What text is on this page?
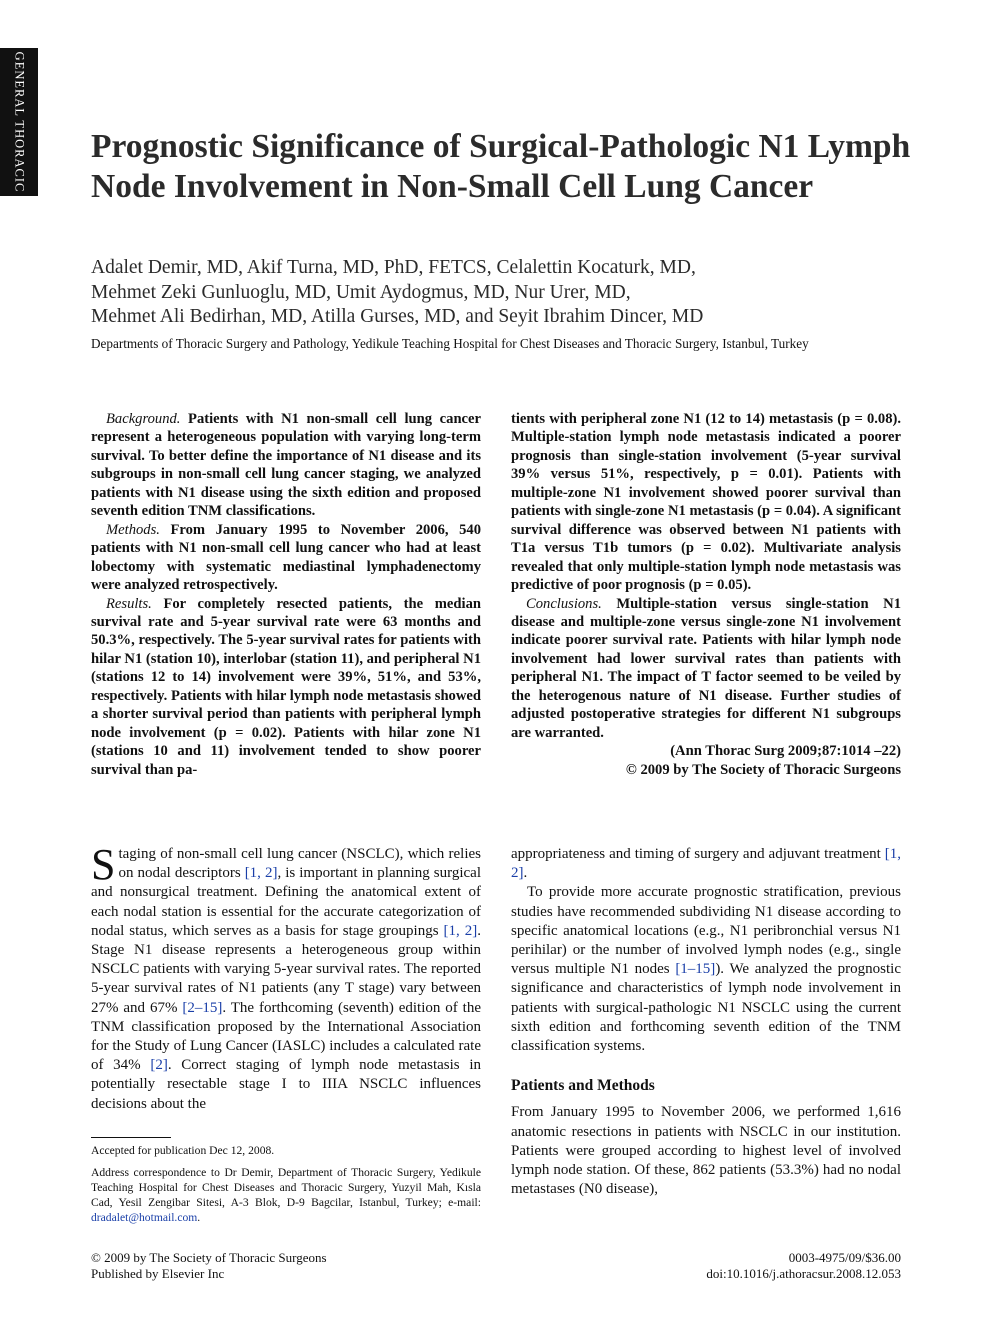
GENERAL THORACIC Prognostic Significance of Surgical-Pathologic N1 Lymph Node Involvement in Non-Small Cell Lung Cancer
Adalet Demir, MD, Akif Turna, MD, PhD, FETCS, Celalettin Kocaturk, MD,
Mehmet Zeki Gunluoglu, MD, Umit Aydogmus, MD, Nur Urer, MD,
Mehmet Ali Bedirhan, MD, Atilla Gurses, MD, and Seyit Ibrahim Dincer, MD
Departments of Thoracic Surgery and Pathology, Yedikule Teaching Hospital for Chest Diseases and Thoracic Surgery, Istanbul, Turkey

Background. Patients with N1 non-small cell lung cancer represent a heterogeneous population with varying long-term survival. To better define the importance of N1 disease and its subgroups in non-small cell lung cancer staging, we analyzed patients with N1 disease using the sixth edition and proposed seventh edition TNM classifications.

Methods. From January 1995 to November 2006, 540 patients with N1 non-small cell lung cancer who had at least lobectomy with systematic mediastinal lymphadenectomy were analyzed retrospectively.

Results. For completely resected patients, the median survival rate and 5-year survival rate were 63 months and 50.3%, respectively. The 5-year survival rates for patients with hilar N1 (station 10), interlobar (station 11), and peripheral N1 (stations 12 to 14) involvement were 39%, 51%, and 53%, respectively. Patients with hilar lymph node metastasis showed a shorter survival period than patients with peripheral lymph node involvement (p = 0.02). Patients with hilar zone N1 (stations 10 and 11) involvement tended to show poorer survival than pa-

tients with peripheral zone N1 (12 to 14) metastasis (p = 0.08). Multiple-station lymph node metastasis indicated a poorer prognosis than single-station involvement (5-year survival 39% versus 51%, respectively, p = 0.01). Patients with multiple-zone N1 involvement showed poorer survival than patients with single-zone N1 metastasis (p = 0.04). A significant survival difference was observed between N1 patients with T1a versus T1b tumors (p = 0.02). Multivariate analysis revealed that only multiple-station lymph node metastasis was predictive of poor prognosis (p = 0.05).

Conclusions. Multiple-station versus single-station N1 disease and multiple-zone versus single-zone N1 involvement indicate poorer survival rate. Patients with hilar lymph node involvement had lower survival rates than patients with peripheral N1. The impact of T factor seemed to be veiled by the heterogenous nature of N1 disease. Further studies of adjusted postoperative strategies for different N1 subgroups are warranted.

(Ann Thorac Surg 2009;87:1014 –22)

© 2009 by The Society of Thoracic Surgeons

Staging of non-small cell lung cancer (NSCLC), which relies on nodal descriptors [1, 2], is important in planning surgical and nonsurgical treatment. Defining the anatomical extent of each nodal station is essential for the accurate categorization of nodal status, which serves as a basis for stage groupings [1, 2]. Stage N1 disease represents a heterogeneous group within NSCLC patients with varying 5-year survival rates. The reported 5-year survival rates of N1 patients (any T stage) vary between 27% and 67% [2–15]. The forthcoming (seventh) edition of the TNM classification proposed by the International Association for the Study of Lung Cancer (IASLC) includes a calculated rate of 34% [2]. Correct staging of lymph node metastasis in potentially resectable stage I to IIIA NSCLC influences decisions about the

Accepted for publication Dec 12, 2008.
Address correspondence to Dr Demir, Department of Thoracic Surgery, Yedikule Teaching Hospital for Chest Diseases and Thoracic Surgery, Yuzyil Mah, Kısla Cad, Yesil Zengibar Sitesi, A-3 Blok, D-9 Bagcilar, Istanbul, Turkey; e-mail: dradalet@hotmail.com.

appropriateness and timing of surgery and adjuvant treatment [1, 2].

To provide more accurate prognostic stratification, previous studies have recommended subdividing N1 disease according to specific anatomical locations (e.g., N1 peribronchial versus N1 perihilar) or the number of involved lymph nodes (e.g., single versus multiple N1 nodes [1–15]). We analyzed the prognostic significance and characteristics of lymph node involvement in patients with surgical-pathologic N1 NSCLC using the current sixth edition and forthcoming seventh edition of the TNM classification systems.

Patients and Methods

From January 1995 to November 2006, we performed 1,616 anatomic resections in patients with NSCLC in our institution. Patients were grouped according to highest level of involved lymph node station. Of these, 862 patients (53.3%) had no nodal metastases (N0 disease),

© 2009 by The Society of Thoracic Surgeons
Published by Elsevier Inc
0003-4975/09/$36.00
doi:10.1016/j.athoracsur.2008.12.053
